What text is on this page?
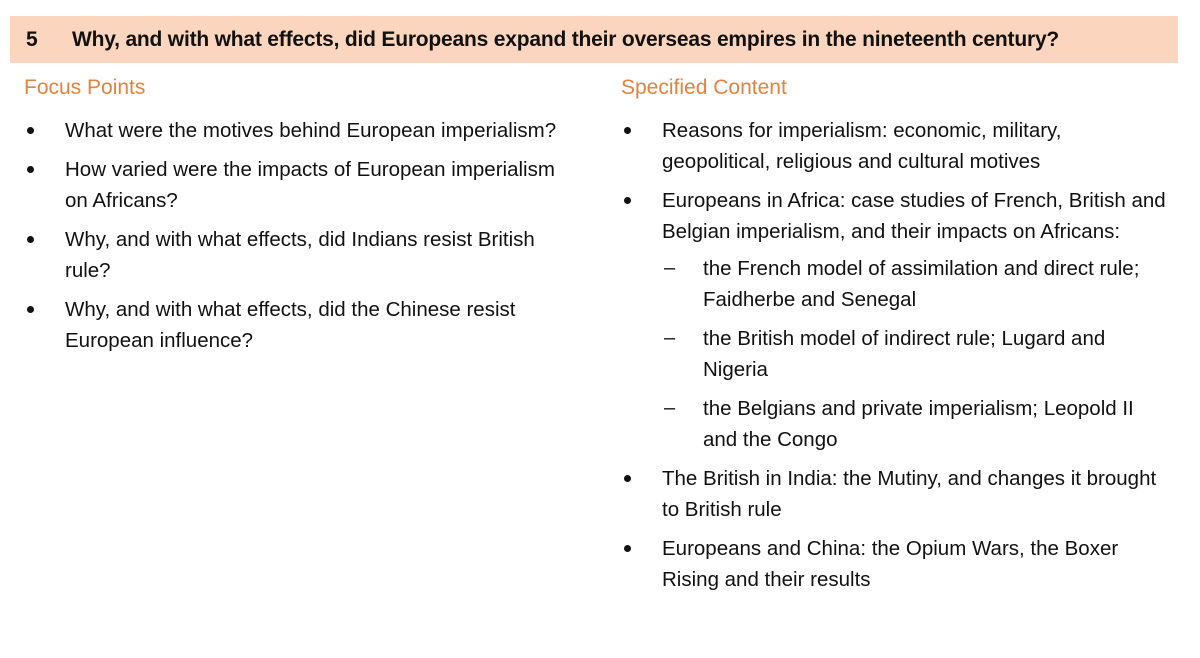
5 Why, and with what effects, did Europeans expand their overseas empires in the nineteenth century?
Focus Points
What were the motives behind European imperialism?
How varied were the impacts of European imperialism on Africans?
Why, and with what effects, did Indians resist British rule?
Why, and with what effects, did the Chinese resist European influence?
Specified Content
Reasons for imperialism: economic, military, geopolitical, religious and cultural motives
Europeans in Africa: case studies of French, British and Belgian imperialism, and their impacts on Africans:
– the French model of assimilation and direct rule; Faidherbe and Senegal
– the British model of indirect rule; Lugard and Nigeria
– the Belgians and private imperialism; Leopold II and the Congo
The British in India: the Mutiny, and changes it brought to British rule
Europeans and China: the Opium Wars, the Boxer Rising and their results
